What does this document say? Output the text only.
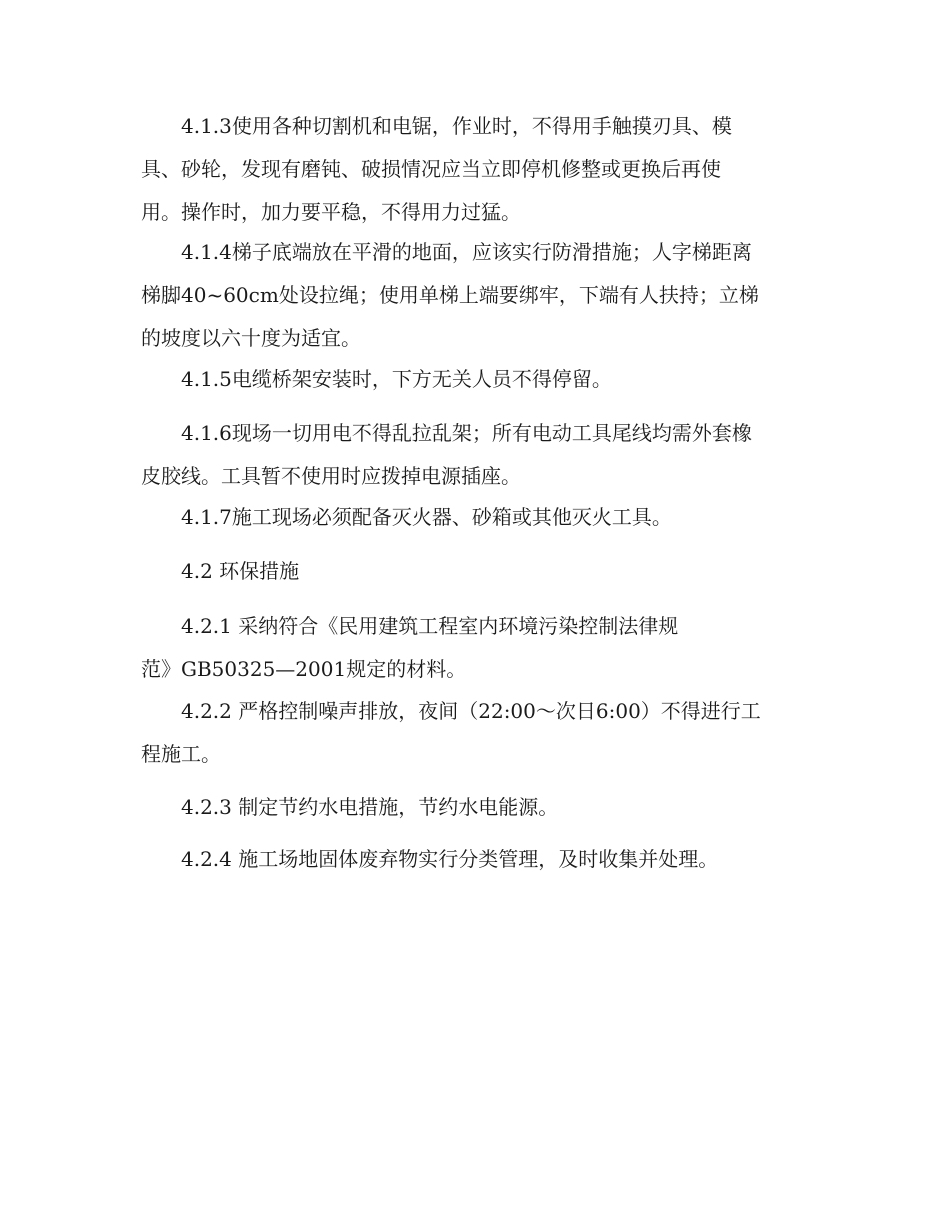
　　4.1.3使用各种切割机和电锯，作业时，不得用手触摸刃具、模
具、砂轮，发现有磨钝、破损情况应当立即停机修整或更换后再使
用。操作时，加力要平稳，不得用力过猛。

　　4.1.4梯子底端放在平滑的地面，应该实行防滑措施；人字梯距离
梯脚40~60cm处设拉绳；使用单梯上端要绑牢，下端有人扶持；立梯
的坡度以六十度为适宜。

　　4.1.5电缆桥架安装时，下方无关人员不得停留。

　　4.1.6现场一切用电不得乱拉乱架；所有电动工具尾线均需外套橡
皮胶线。工具暂不使用时应拨掉电源插座。

　　4.1.7施工现场必须配备灭火器、砂箱或其他灭火工具。

　　4.2 环保措施

　　4.2.1 采纳符合《民用建筑工程室内环境污染控制法律规
范》GB50325—2001规定的材料。

　　4.2.2 严格控制噪声排放，夜间（22:00～次日6:00）不得进行工
程施工。

　　4.2.3 制定节约水电措施，节约水电能源。

　　4.2.4 施工场地固体废弃物实行分类管理，及时收集并处理。
